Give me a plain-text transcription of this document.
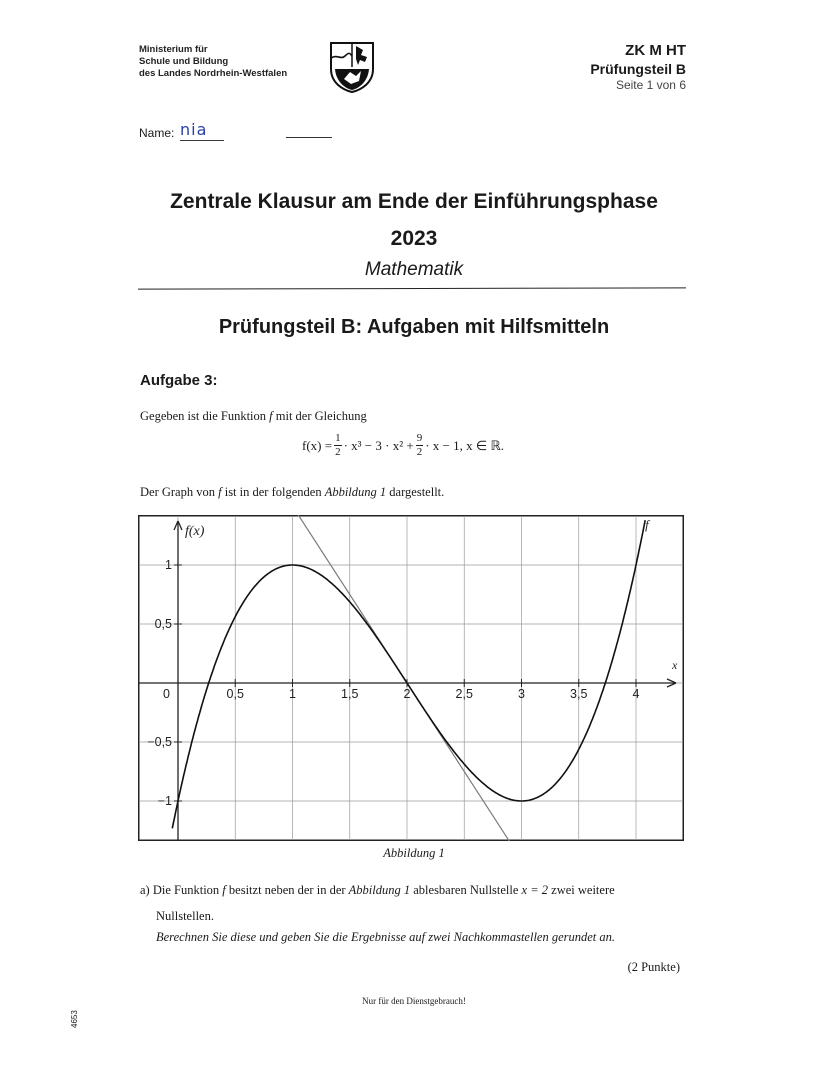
Ministerium für
Schule und Bildung
des Landes Nordrhein-Westfalen
ZK M HT
Prüfungsteil B
Seite 1 von 6
Name: nia
Zentrale Klausur am Ende der Einführungsphase
2023
Mathematik
Prüfungsteil B: Aufgaben mit Hilfsmitteln
Aufgabe 3:
Gegeben ist die Funktion f mit der Gleichung
$f(x) = \frac{1}{2} \cdot x^3 - 3 \cdot x^2 + \frac{9}{2} \cdot x - 1$, x ∈ ℝ.
Der Graph von f ist in der folgenden Abbildung 1 dargestellt.
0	0,5	1	1,5	2	2,5	3	3,5	4
1
0,5
−0,5
−1
f(x)
x
f
Abbildung 1
a) Die Funktion f besitzt neben der in der Abbildung 1 ablesbaren Nullstelle x = 2 zwei weitere
Nullstellen.
Berechnen Sie diese und geben Sie die Ergebnisse auf zwei Nachkommastellen gerundet an.
(2 Punkte)
Nur für den Dienstgebrauch!
4653
